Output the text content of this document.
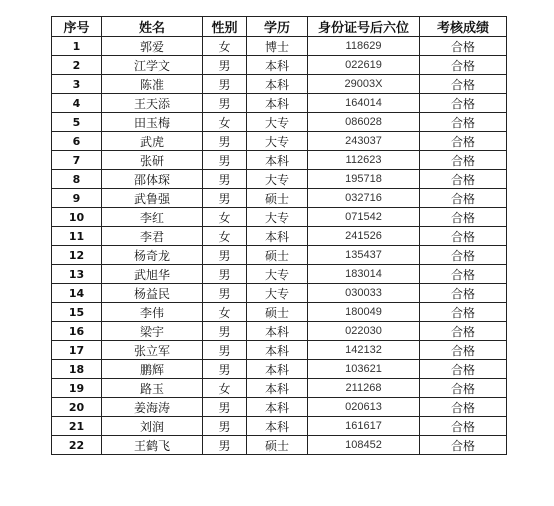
序号	姓名	性别	学历	身份证号后六位	考核成绩
1	郭爱	女	博士	118629	合格
2	江学文	男	本科	022619	合格
3	陈准	男	本科	29003X	合格
4	王天添	男	本科	164014	合格
5	田玉梅	女	大专	086028	合格
6	武虎	男	大专	243037	合格
7	张研	男	本科	112623	合格
8	邵体琛	男	大专	195718	合格
9	武鲁强	男	硕士	032716	合格
10	李红	女	大专	071542	合格
11	李君	女	本科	241526	合格
12	杨奇龙	男	硕士	135437	合格
13	武旭华	男	大专	183014	合格
14	杨益民	男	大专	030033	合格
15	李伟	女	硕士	180049	合格
16	梁宇	男	本科	022030	合格
17	张立军	男	本科	142132	合格
18	鹏辉	男	本科	103621	合格
19	路玉	女	本科	211268	合格
20	姜海涛	男	本科	020613	合格
21	刘润	男	本科	161617	合格
22	王鹤飞	男	硕士	108452	合格
